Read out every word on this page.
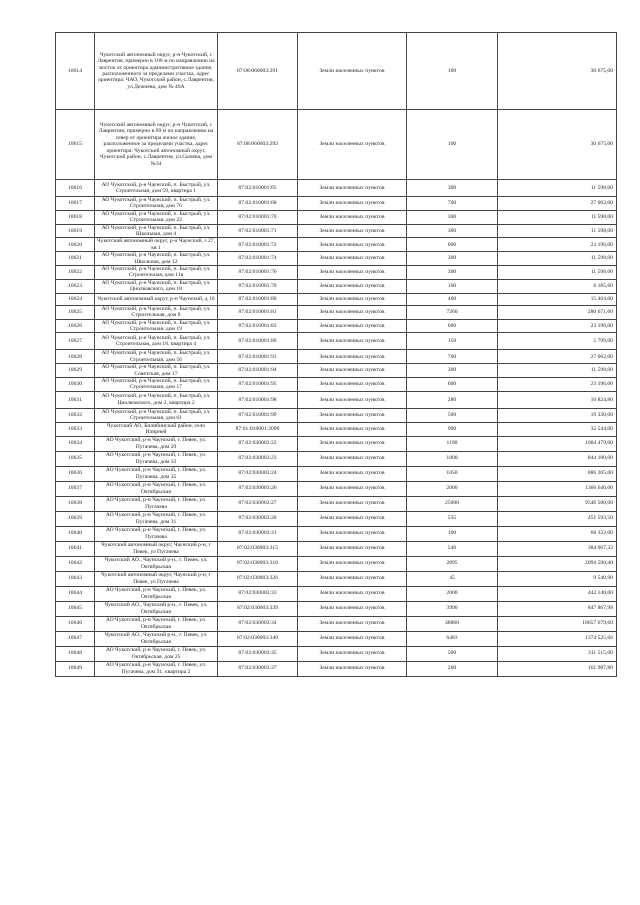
10614	Чукотский автономный округ, р-н Чукотский, с Лаврентия, примерно в 100 м по направлению на восток от ориентира административное здание, расположенного за пределами участка, адрес ориентира: ЧАО, Чукотский район, с.Лаврентия, ул.Дежнева, дом № 40А	87:08:060003:291	Земли населенных пунктов	100	30 675,00
10615	Чукотский автономный округ, р-н Чукотский, с Лаврентия, примерно в 69 м по направлению на север от ориентира жилое здание, расположенное за пределами участка, адрес ориентира: Чукотский автономный округ, Чукотский район, с.Лаврентия, ул.Сычева, дом №34	87:08:060003:292	Земли населенных пунктов	100	30 675,00
10616	АО Чукотский, р-н Чаунский, п. Быстрый, ул. Строительная, дом 59, квартира 1	87:02:010001:65	Земли населенных пунктов	300	11 598,00
10617	АО Чукотский, р-н Чаунский, п. Быстрый, ул. Строительная, дом 76	87:02:010001:68	Земли населенных пунктов	700	27 062,00
10618	АО Чукотский, р-н Чаунский, п. Быстрый, ул. Строительная, дом 22	87:02:010001:70	Земли населенных пунктов	300	11 598,00
10619	АО Чукотский, р-н Чаунский, п. Быстрый, ул. Школьная, дом 4	87:02:010001:71	Земли населенных пунктов	300	11 598,00
10620	Чукотский автономный округ, р-н Чаунский, з 27, кв 1	87:02:010001:72	Земли населенных пунктов	600	23 196,00
10621	АО Чукотский, р-н Чаунский, п. Быстрый, ул. Школьная, дом 12	87:02:010001:74	Земли населенных пунктов	300	11 598,00
10622	АО Чукотский, р-н Чаунский, п. Быстрый, ул. Строительная, дом 11в	87:02:010001:76	Земли населенных пунктов	300	11 598,00
10623	АО Чукотский, р-н Чаунский, п. Быстрый, ул. Циолковского, дом 18	87:02:010001:78	Земли населенных пунктов	160	6 185,60
10624	Чукотский автономный округ, р-н Чаунский, д 10	87:02:010001:80	Земли населенных пунктов	400	15 464,00
10625	АО Чукотский, р-н Чаунский, п. Быстрый, ул. Строительная, дом 8	87:02:010001:81	Земли населенных пунктов	7260	280 671,60
10626	АО Чукотский, р-н Чаунский, п. Быстрый, ул. Строительная, дом 19	87:02:010001:83	Земли населенных пунктов	600	23 196,00
10627	АО Чукотский, р-н Чаунский, п. Быстрый, ул. Строительная, дом 18, квартира 4	87:02:010001:86	Земли населенных пунктов	150	5 799,00
10628	АО Чукотский, р-н Чаунский, п. Быстрый, ул. Строительная, дом 56	87:02:010001:91	Земли населенных пунктов	700	27 062,00
10629	АО Чукотский, р-н Чаунский, п. Быстрый, ул. Советская, дом 17	87:02:010001:94	Земли населенных пунктов	300	11 598,00
10630	АО Чукотский, р-н Чаунский, п. Быстрый, ул. Строительная, дом 17	87:02:010001:95	Земли населенных пунктов	600	23 196,00
10631	АО Чукотский, р-н Чаунский, п. Быстрый, ул. Циолковского, дом 2, квартира 2	87:02:010001:98	Земли населенных пунктов	280	10 824,80
10632	АО Чукотский, р-н Чаунский, п. Быстрый, ул. Строительная, дом 61	87:02:010001:99	Земли населенных пунктов	500	19 330,00
10633	Чукотский АО, Билибинский район, село Илирней	87:01:010001:2096	Земли населенных пунктов	900	32 544,00
10634	АО Чукотский, р-н Чаунский, г. Певек, ул. Пугачева, дом 29	87:02:030003:22	Земли населенных пунктов	1190	1004 479,00
10635	АО Чукотский, р-н Чаунский, г. Певек, ул. Пугачева, дом 33	87:02:030003:23	Земли населенных пунктов	1000	844 100,00
10636	АО Чукотский, р-н Чаунский, г. Певек, ул. Пугачева, дом 35	87:02:030003:24	Земли населенных пунктов	1050	886 305,00
10637	АО Чукотский, р-н Чаунский, г. Певек, ул. Октябрьская	87:02:030003:26	Земли населенных пунктов	2000	1366 640,00
10638	АО Чукотский, р-н Чаунский, г. Певек, ул. Пугачева	87:02:030003:27	Земли населенных пунктов	25000	9546 500,00
10639	АО Чукотский, р-н Чаунский, г. Певек, ул. Пугачева, дом 31	87:02:030003:28	Земли населенных пунктов	535	451 593,50
10640	АО Чукотский, р-н Чаунский, г. Певек, ул. Пугачева	87:02:030003:31	Земли населенных пунктов	100	68 332,00
10641	Чукотский автономный округ, Чаунский р-н, г Певек, ул Пугачева	87:02:030003:315	Земли населенных пунктов	546	384 067,32
10642	Чукотский АО., Чаунский р-н., г. Певек, ул. Октябрьская	87:02:030003:316	Земли населенных пунктов	2895	2094 590,40
10643	Чукотский автономный округ, Чаунский р-н, г Певек, ул Пугачева	87:02:030003:326	Земли населенных пунктов	45	9 540,90
10644	АО Чукотский, р-н Чаунский, г. Певек, ул. Октябрьская	87:02:030003:33	Земли населенных пунктов	2000	442 140,00
10645	Чукотский АО., Чаунский р-н., г. Певек, ул. Октябрьская	87:02:030003:339	Земли населенных пунктов	3990	847 867,98
10646	АО Чукотский, р-н Чаунский, г. Певек, ул. Октябрьская	87:02:030003:34	Земли населенных пунктов	48860	18657 679,60
10647	Чукотский АО., Чаунский р-н., г. Певек, ул. Октябрьская	87:02:030003:340	Земли населенных пунктов	6483	1374 525,66
10648	АО Чукотский, р-н Чаунский, г. Певек, ул. Октябрьская, дом 25	87:02:030003:35	Земли населенных пунктов	500	311 515,00
10649	АО Чукотский, р-н Чаунский, г. Певек, ул. Пугачева, дом 31, квартира 2	87:02:030003:37	Земли населенных пунктов	260	161 987,80
